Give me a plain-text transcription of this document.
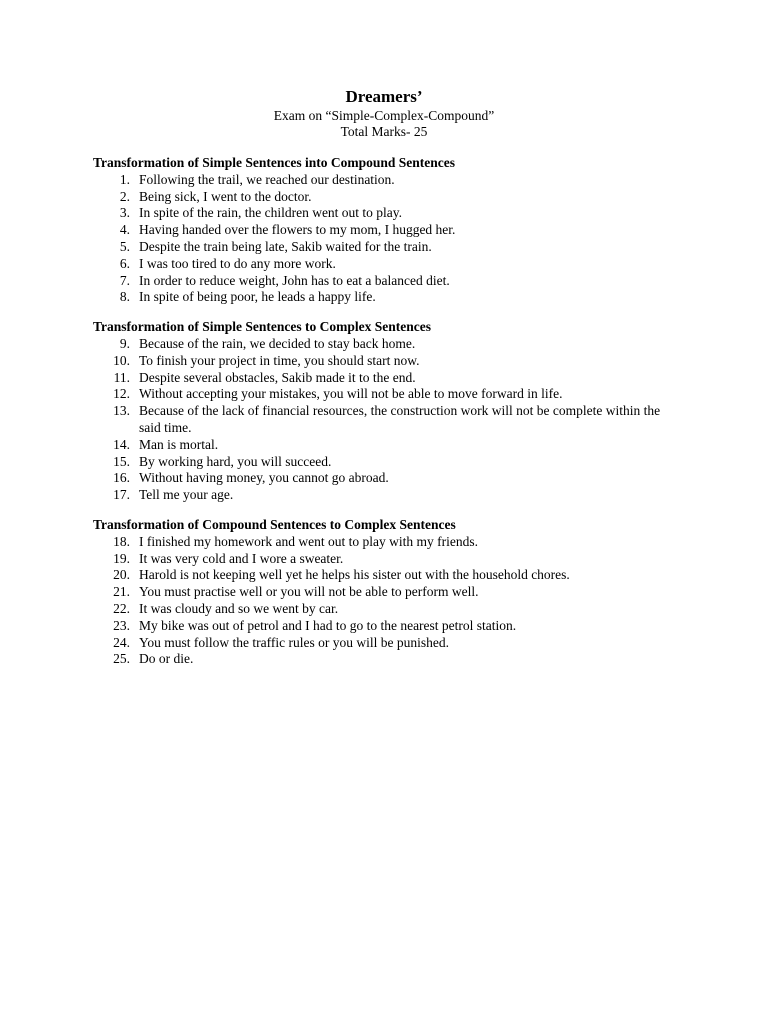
Dreamers’

Exam on “Simple-Complex-Compound”

Total Marks- 25

Transformation of Simple Sentences into Compound Sentences

1. Following the trail, we reached our destination.
2. Being sick, I went to the doctor.
3. In spite of the rain, the children went out to play.
4. Having handed over the flowers to my mom, I hugged her.
5. Despite the train being late, Sakib waited for the train.
6. I was too tired to do any more work.
7. In order to reduce weight, John has to eat a balanced diet.
8. In spite of being poor, he leads a happy life.

Transformation of Simple Sentences to Complex Sentences

9. Because of the rain, we decided to stay back home.
10. To finish your project in time, you should start now.
11. Despite several obstacles, Sakib made it to the end.
12. Without accepting your mistakes, you will not be able to move forward in life.
13. Because of the lack of financial resources, the construction work will not be complete within the said time.
14. Man is mortal.
15. By working hard, you will succeed.
16. Without having money, you cannot go abroad.
17. Tell me your age.

Transformation of Compound Sentences to Complex Sentences

18. I finished my homework and went out to play with my friends.
19. It was very cold and I wore a sweater.
20. Harold is not keeping well yet he helps his sister out with the household chores.
21. You must practise well or you will not be able to perform well.
22. It was cloudy and so we went by car.
23. My bike was out of petrol and I had to go to the nearest petrol station.
24. You must follow the traffic rules or you will be punished.
25. Do or die.
